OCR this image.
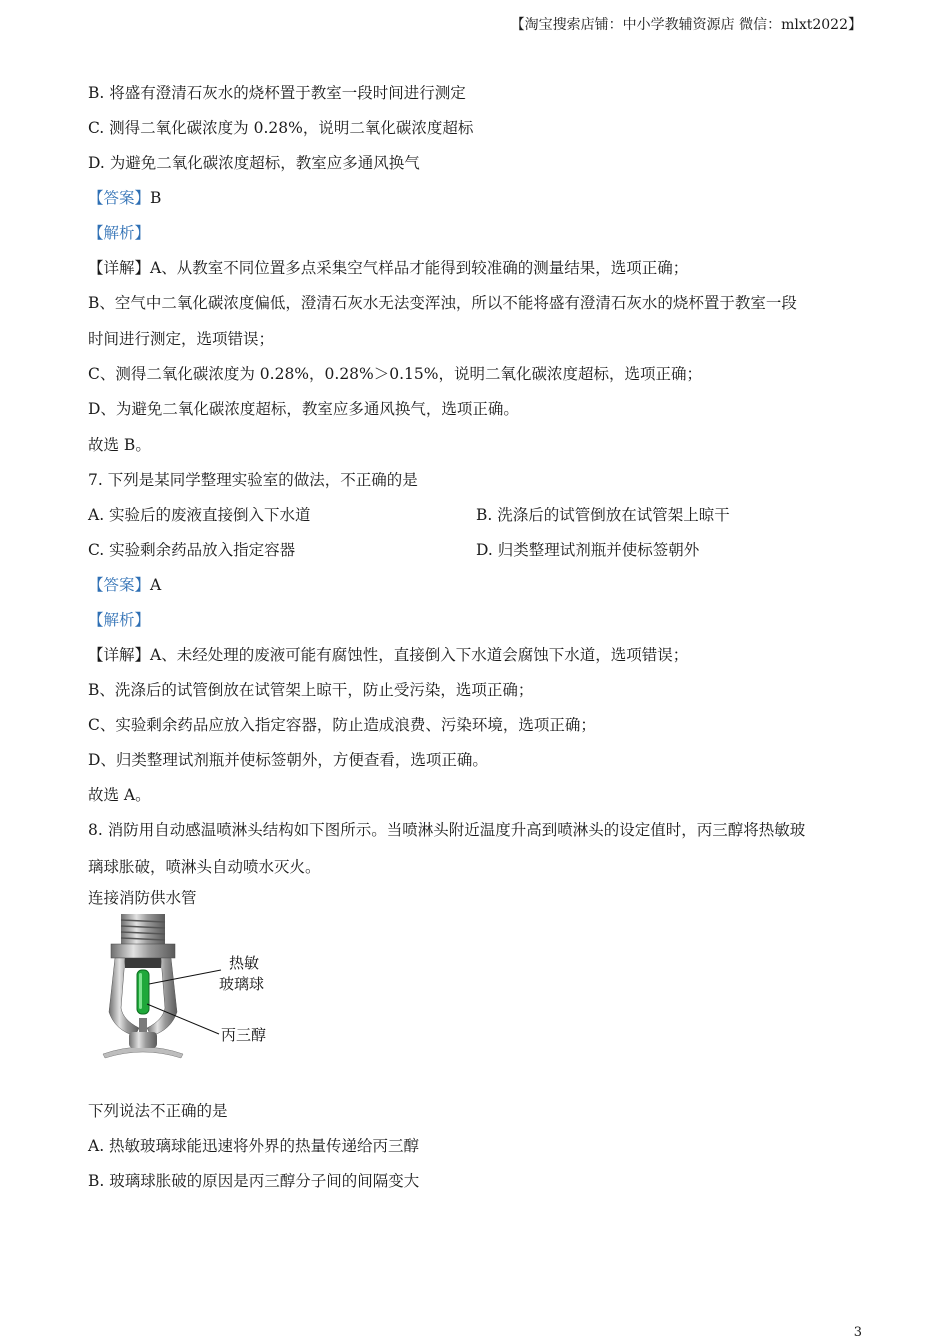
【淘宝搜索店铺：中小学教辅资源店 微信：mlxt2022】
B. 将盛有澄清石灰水的烧杯置于教室一段时间进行测定
C. 测得二氧化碳浓度为 0.28%，说明二氧化碳浓度超标
D. 为避免二氧化碳浓度超标，教室应多通风换气
【答案】B
【解析】
【详解】A、从教室不同位置多点采集空气样品才能得到较准确的测量结果，选项正确；
B、空气中二氧化碳浓度偏低，澄清石灰水无法变浑浊，所以不能将盛有澄清石灰水的烧杯置于教室一段
时间进行测定，选项错误；
C、测得二氧化碳浓度为 0.28%，0.28%＞0.15%，说明二氧化碳浓度超标，选项正确；
D、为避免二氧化碳浓度超标，教室应多通风换气，选项正确。
故选 B。
7. 下列是某同学整理实验室的做法，不正确的是
A. 实验后的废液直接倒入下水道	B. 洗涤后的试管倒放在试管架上晾干
C. 实验剩余药品放入指定容器	D. 归类整理试剂瓶并使标签朝外
【答案】A
【解析】
【详解】A、未经处理的废液可能有腐蚀性，直接倒入下水道会腐蚀下水道，选项错误；
B、洗涤后的试管倒放在试管架上晾干，防止受污染，选项正确；
C、实验剩余药品应放入指定容器，防止造成浪费、污染环境，选项正确；
D、归类整理试剂瓶并使标签朝外，方便查看，选项正确。
故选 A。
8. 消防用自动感温喷淋头结构如下图所示。当喷淋头附近温度升高到喷淋头的设定值时，丙三醇将热敏玻
璃球胀破，喷淋头自动喷水灭火。
连接消防供水管
热敏
玻璃球
丙三醇
下列说法不正确的是
A. 热敏玻璃球能迅速将外界的热量传递给丙三醇
B. 玻璃球胀破的原因是丙三醇分子间的间隔变大
3
